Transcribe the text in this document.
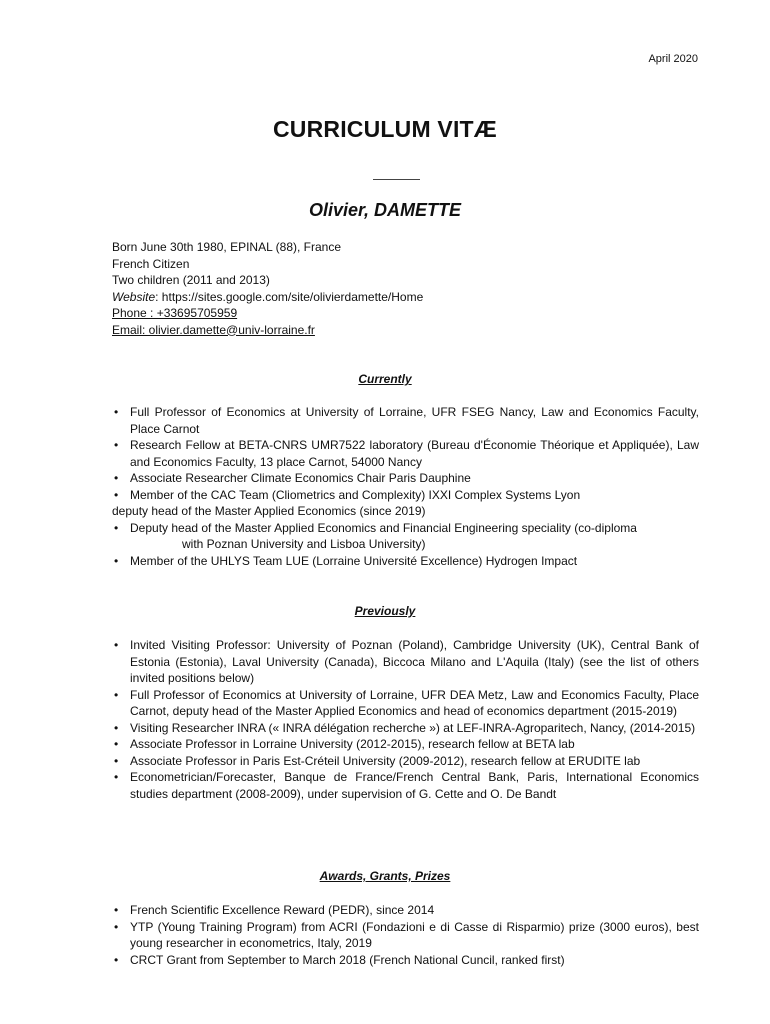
April 2020
CURRICULUM VITÆ
Olivier, DAMETTE
Born June 30th 1980, EPINAL (88), France
French Citizen
Two children (2011 and 2013)
Website: https://sites.google.com/site/olivierdamette/Home
Phone : +33695705959
Email: olivier.damette@univ-lorraine.fr
Currently
• Full Professor of Economics at University of Lorraine, UFR FSEG Nancy, Law and Economics Faculty, Place Carnot
• Research Fellow at BETA-CNRS UMR7522 laboratory (Bureau d'Économie Théorique et Appliquée), Law and Economics Faculty, 13 place Carnot, 54000 Nancy
• Associate Researcher Climate Economics Chair Paris Dauphine
• Member of the CAC Team (Cliometrics and Complexity) IXXI Complex Systems Lyon
deputy head of the Master Applied Economics (since 2019)
• Deputy head of the Master Applied Economics and Financial Engineering speciality (co-diploma
with Poznan University and Lisboa University)
• Member of the UHLYS Team LUE (Lorraine Université Excellence) Hydrogen Impact
Previously
• Invited Visiting Professor: University of Poznan (Poland), Cambridge University (UK), Central Bank of Estonia (Estonia), Laval University (Canada), Biccoca Milano and L'Aquila (Italy) (see the list of others invited positions below)
• Full Professor of Economics at University of Lorraine, UFR DEA Metz, Law and Economics Faculty, Place Carnot, deputy head of the Master Applied Economics and head of economics department (2015-2019)
• Visiting Researcher INRA (« INRA délégation recherche ») at LEF-INRA-Agroparitech, Nancy, (2014-2015)
• Associate Professor in Lorraine University (2012-2015), research fellow at BETA lab
• Associate Professor in Paris Est-Créteil University (2009-2012), research fellow at ERUDITE lab
• Econometrician/Forecaster, Banque de France/French Central Bank, Paris, International Economics studies department (2008-2009), under supervision of G. Cette and O. De Bandt
Awards, Grants, Prizes
• French Scientific Excellence Reward (PEDR), since 2014
• YTP (Young Training Program) from ACRI (Fondazioni e di Casse di Risparmio) prize (3000 euros), best young researcher in econometrics, Italy, 2019
• CRCT Grant from September to March 2018 (French National Cuncil, ranked first)
